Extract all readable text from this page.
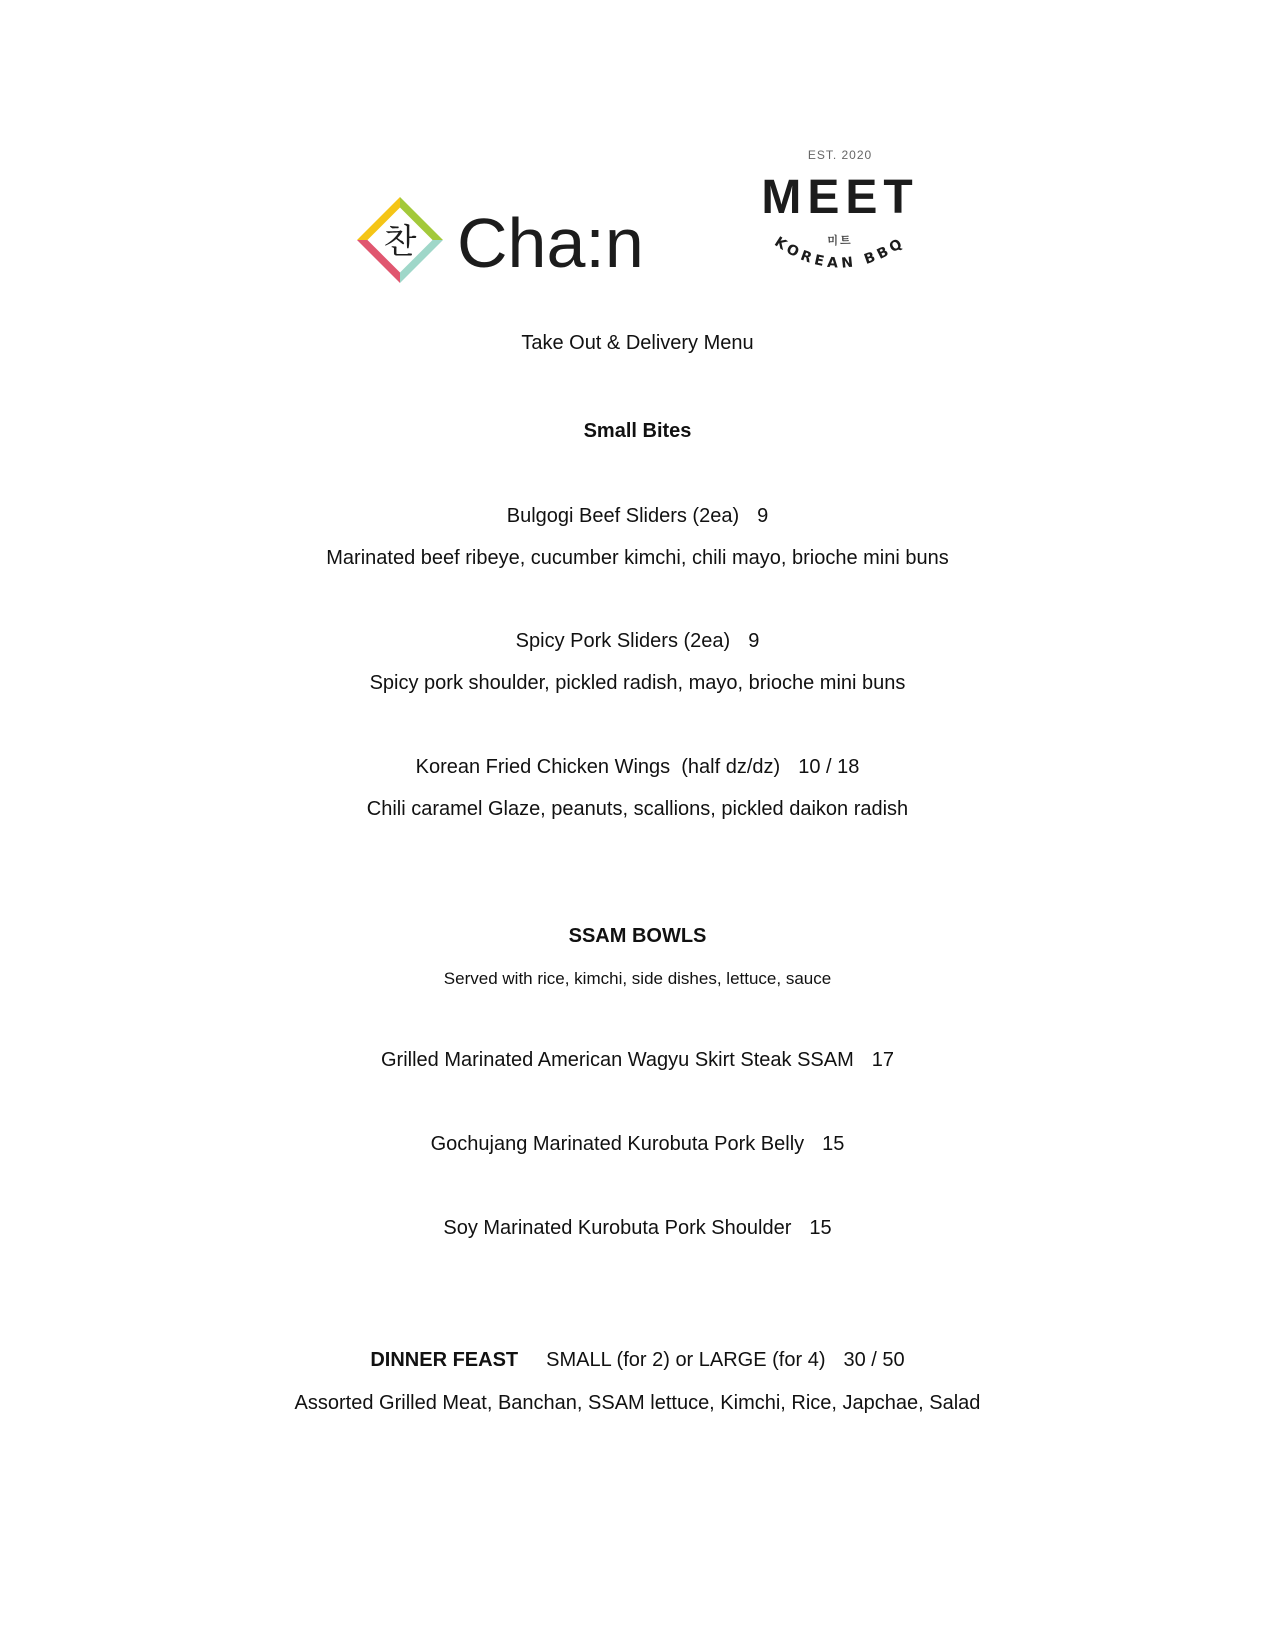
찬 Cha:n
EST. 2020
MEET
미트
KOREAN BBQ
Take Out & Delivery Menu
Small Bites
Bulgogi Beef Sliders (2ea) 9
Marinated beef ribeye, cucumber kimchi, chili mayo, brioche mini buns
Spicy Pork Sliders (2ea) 9
Spicy pork shoulder, pickled radish, mayo, brioche mini buns
Korean Fried Chicken Wings  (half dz/dz) 10 / 18
Chili caramel Glaze, peanuts, scallions, pickled daikon radish
SSAM BOWLS
Served with rice, kimchi, side dishes, lettuce, sauce
Grilled Marinated American Wagyu Skirt Steak SSAM 17
Gochujang Marinated Kurobuta Pork Belly 15
Soy Marinated Kurobuta Pork Shoulder 15
DINNER FEAST SMALL (for 2) or LARGE (for 4) 30 / 50
Assorted Grilled Meat, Banchan, SSAM lettuce, Kimchi, Rice, Japchae, Salad
